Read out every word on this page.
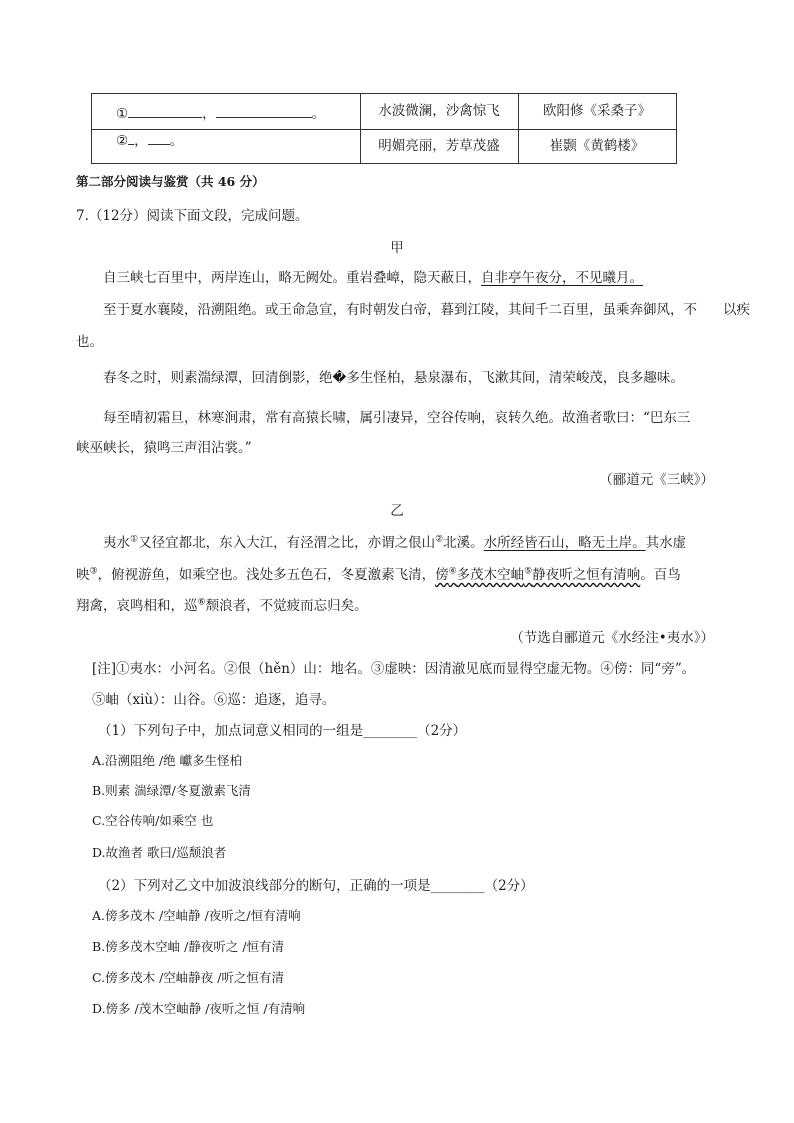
①	，	。	水波微澜，沙禽惊飞	欧阳修《采桑子》
② ， 。	明媚亮丽，芳草茂盛	崔颢《黄鹤楼》
第二部分阅读与鉴赏（共 46 分）
7.（12分）阅读下面文段，完成问题。
甲
自三峡七百里中，两岸连山，略无阙处。重岩叠嶂，隐天蔽日，自非亭午夜分，不见曦月。
至于夏水襄陵，沿溯阻绝。或王命急宣，有时朝发白帝，暮到江陵，其间千二百里，虽乘奔御风，不 以疾
也。
春冬之时，则素湍绿潭，回清倒影，绝�多生怪柏，悬泉瀑布，飞漱其间，清荣峻茂，良多趣味。
每至晴初霜旦，林寒涧肃，常有高猿长啸，属引凄异，空谷传响，哀转久绝。故渔者歌曰：“巴东三
峡巫峡长，猿鸣三声泪沾裳。”
（郦道元《三峡》）
乙
夷水①又径宜都北，东入大江，有泾渭之比，亦谓之佷山②北溪。水所经皆石山，略无土岸。其水虚
映③，俯视游鱼，如乘空也。浅处多五色石，冬夏激素飞清，傍④多茂木空岫⑤静夜听之恒有清响。百鸟
翔禽，哀鸣相和，巡⑥颓浪者，不觉疲而忘归矣。
（节选自郦道元《水经注•夷水》）
[注]①夷水：小河名。②佷（hěn）山：地名。③虚映：因清澈见底而显得空虚无物。④傍：同“旁”。
⑤岫（xiù）：山谷。⑥巡：追逐，追寻。
（1）下列句子中，加点词意义相同的一组是________（2分）
A.沿溯阻绝 /绝 巘多生怪柏
B.则素 湍绿潭/冬夏激素飞清
C.空谷传响/如乘空 也
D.故渔者 歌曰/巡颓浪者
（2）下列对乙文中加波浪线部分的断句，正确的一项是________（2分）
A.傍多茂木 /空岫静 /夜听之/恒有清响
B.傍多茂木空岫 /静夜听之 /恒有清
C.傍多茂木 /空岫静夜 /听之恒有清
D.傍多 /茂木空岫静 /夜听之恒 /有清响
